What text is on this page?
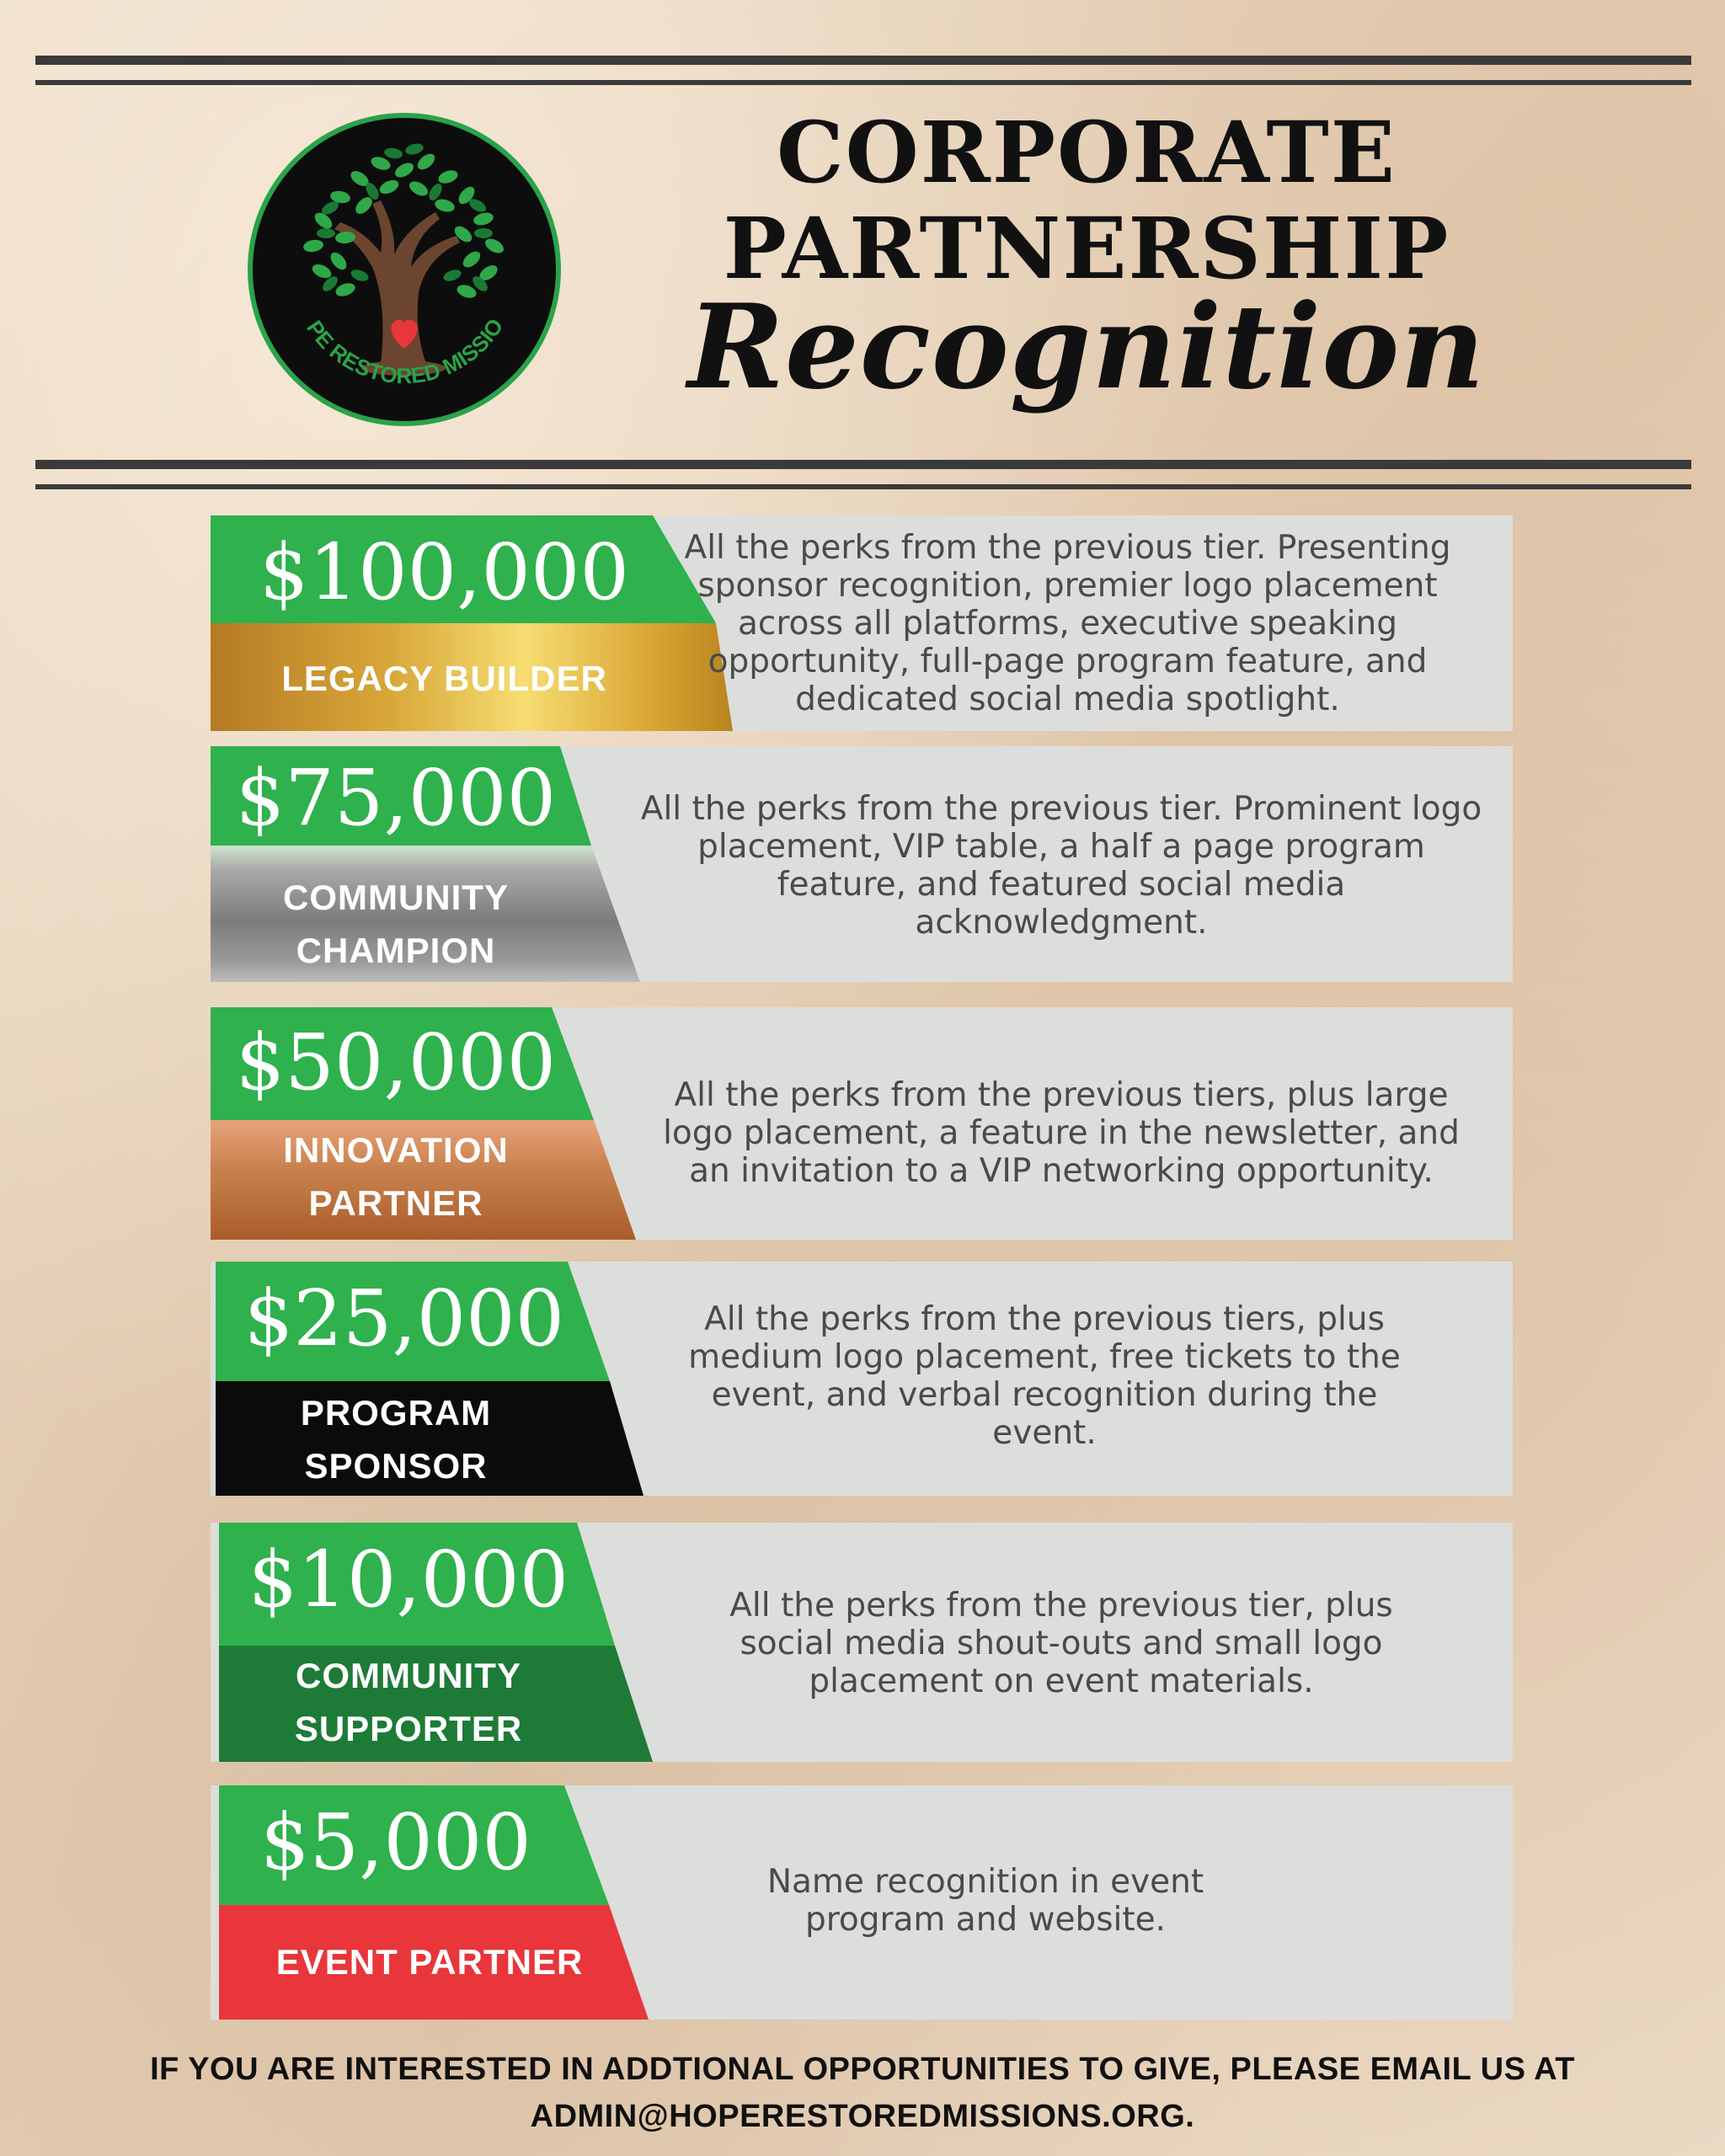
PE RESTORED MISSIO
CORPORATE
PARTNERSHIP
Recognition
$100,000
LEGACY BUILDER
All the perks from the previous tier. Presenting sponsor recognition, premier logo placement across all platforms, executive speaking opportunity, full-page program feature, and dedicated social media spotlight.
$75,000
COMMUNITY
CHAMPION
All the perks from the previous tier. Prominent logo placement, VIP table, a half a page program feature, and featured social media acknowledgment.
$50,000
INNOVATION
PARTNER
All the perks from the previous tiers, plus large logo placement, a feature in the newsletter, and an invitation to a VIP networking opportunity.
$25,000
PROGRAM
SPONSOR
All the perks from the previous tiers, plus medium logo placement, free tickets to the event, and verbal recognition during the event.
$10,000
COMMUNITY
SUPPORTER
All the perks from the previous tier, plus social media shout-outs and small logo placement on event materials.
$5,000
EVENT PARTNER
Name recognition in event program and website.

IF YOU ARE INTERESTED IN ADDTIONAL OPPORTUNITIES TO GIVE, PLEASE EMAIL US AT

ADMIN@HOPERESTOREDMISSIONS.ORG.
